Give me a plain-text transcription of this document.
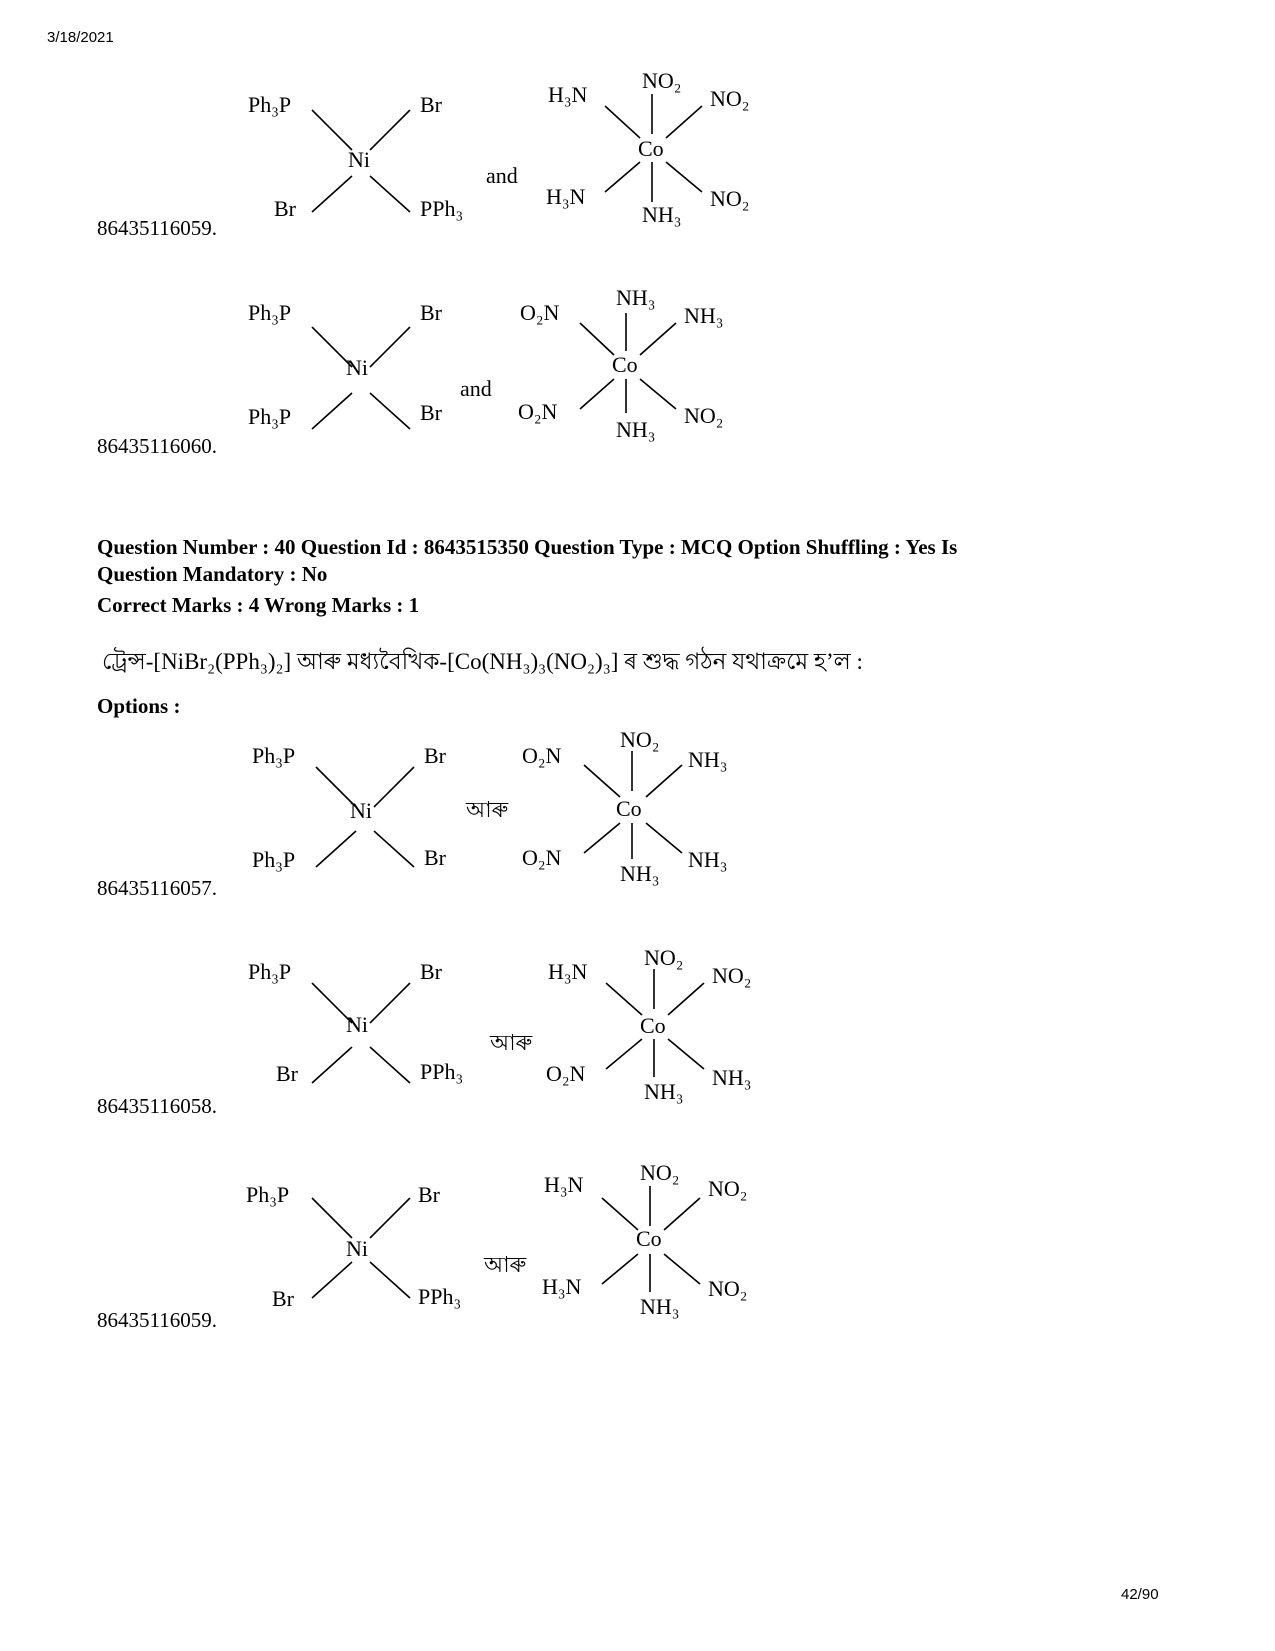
3/18/2021
Ph₃P	Br
Ni
Br	PPh₃
and
NO₂
H₃N	NO₂
Co
H₃N	NO₂
NH₃
86435116059.
Ph₃P	Br
Ni
Ph₃P	Br
and
NH₃
O₂N	NH₃
Co
O₂N	NO₂
NH₃
86435116060.
Question Number : 40 Question Id : 8643515350 Question Type : MCQ Option Shuffling : Yes Is
Question Mandatory : No
Correct Marks : 4 Wrong Marks : 1
ট্ৰেন্স-[NiBr₂(PPh₃)₂] আৰু মধ্যবৈখিক-[Co(NH₃)₃(NO₂)₃] ৰ শুদ্ধ গঠন যথাক্ৰমে হ’ল :
Options :
Ph₃P	Br
Ni
Ph₃P	Br
আৰু
NO₂
O₂N	NH₃
Co
O₂N	NH₃
NH₃
86435116057.
Ph₃P	Br
Ni
Br	PPh₃
আৰু
NO₂
H₃N	NO₂
Co
O₂N	NH₃
NH₃
86435116058.
Ph₃P	Br
Ni
Br	PPh₃
আৰু
NO₂
H₃N	NO₂
Co
H₃N	NO₂
NH₃
86435116059.
42/90
